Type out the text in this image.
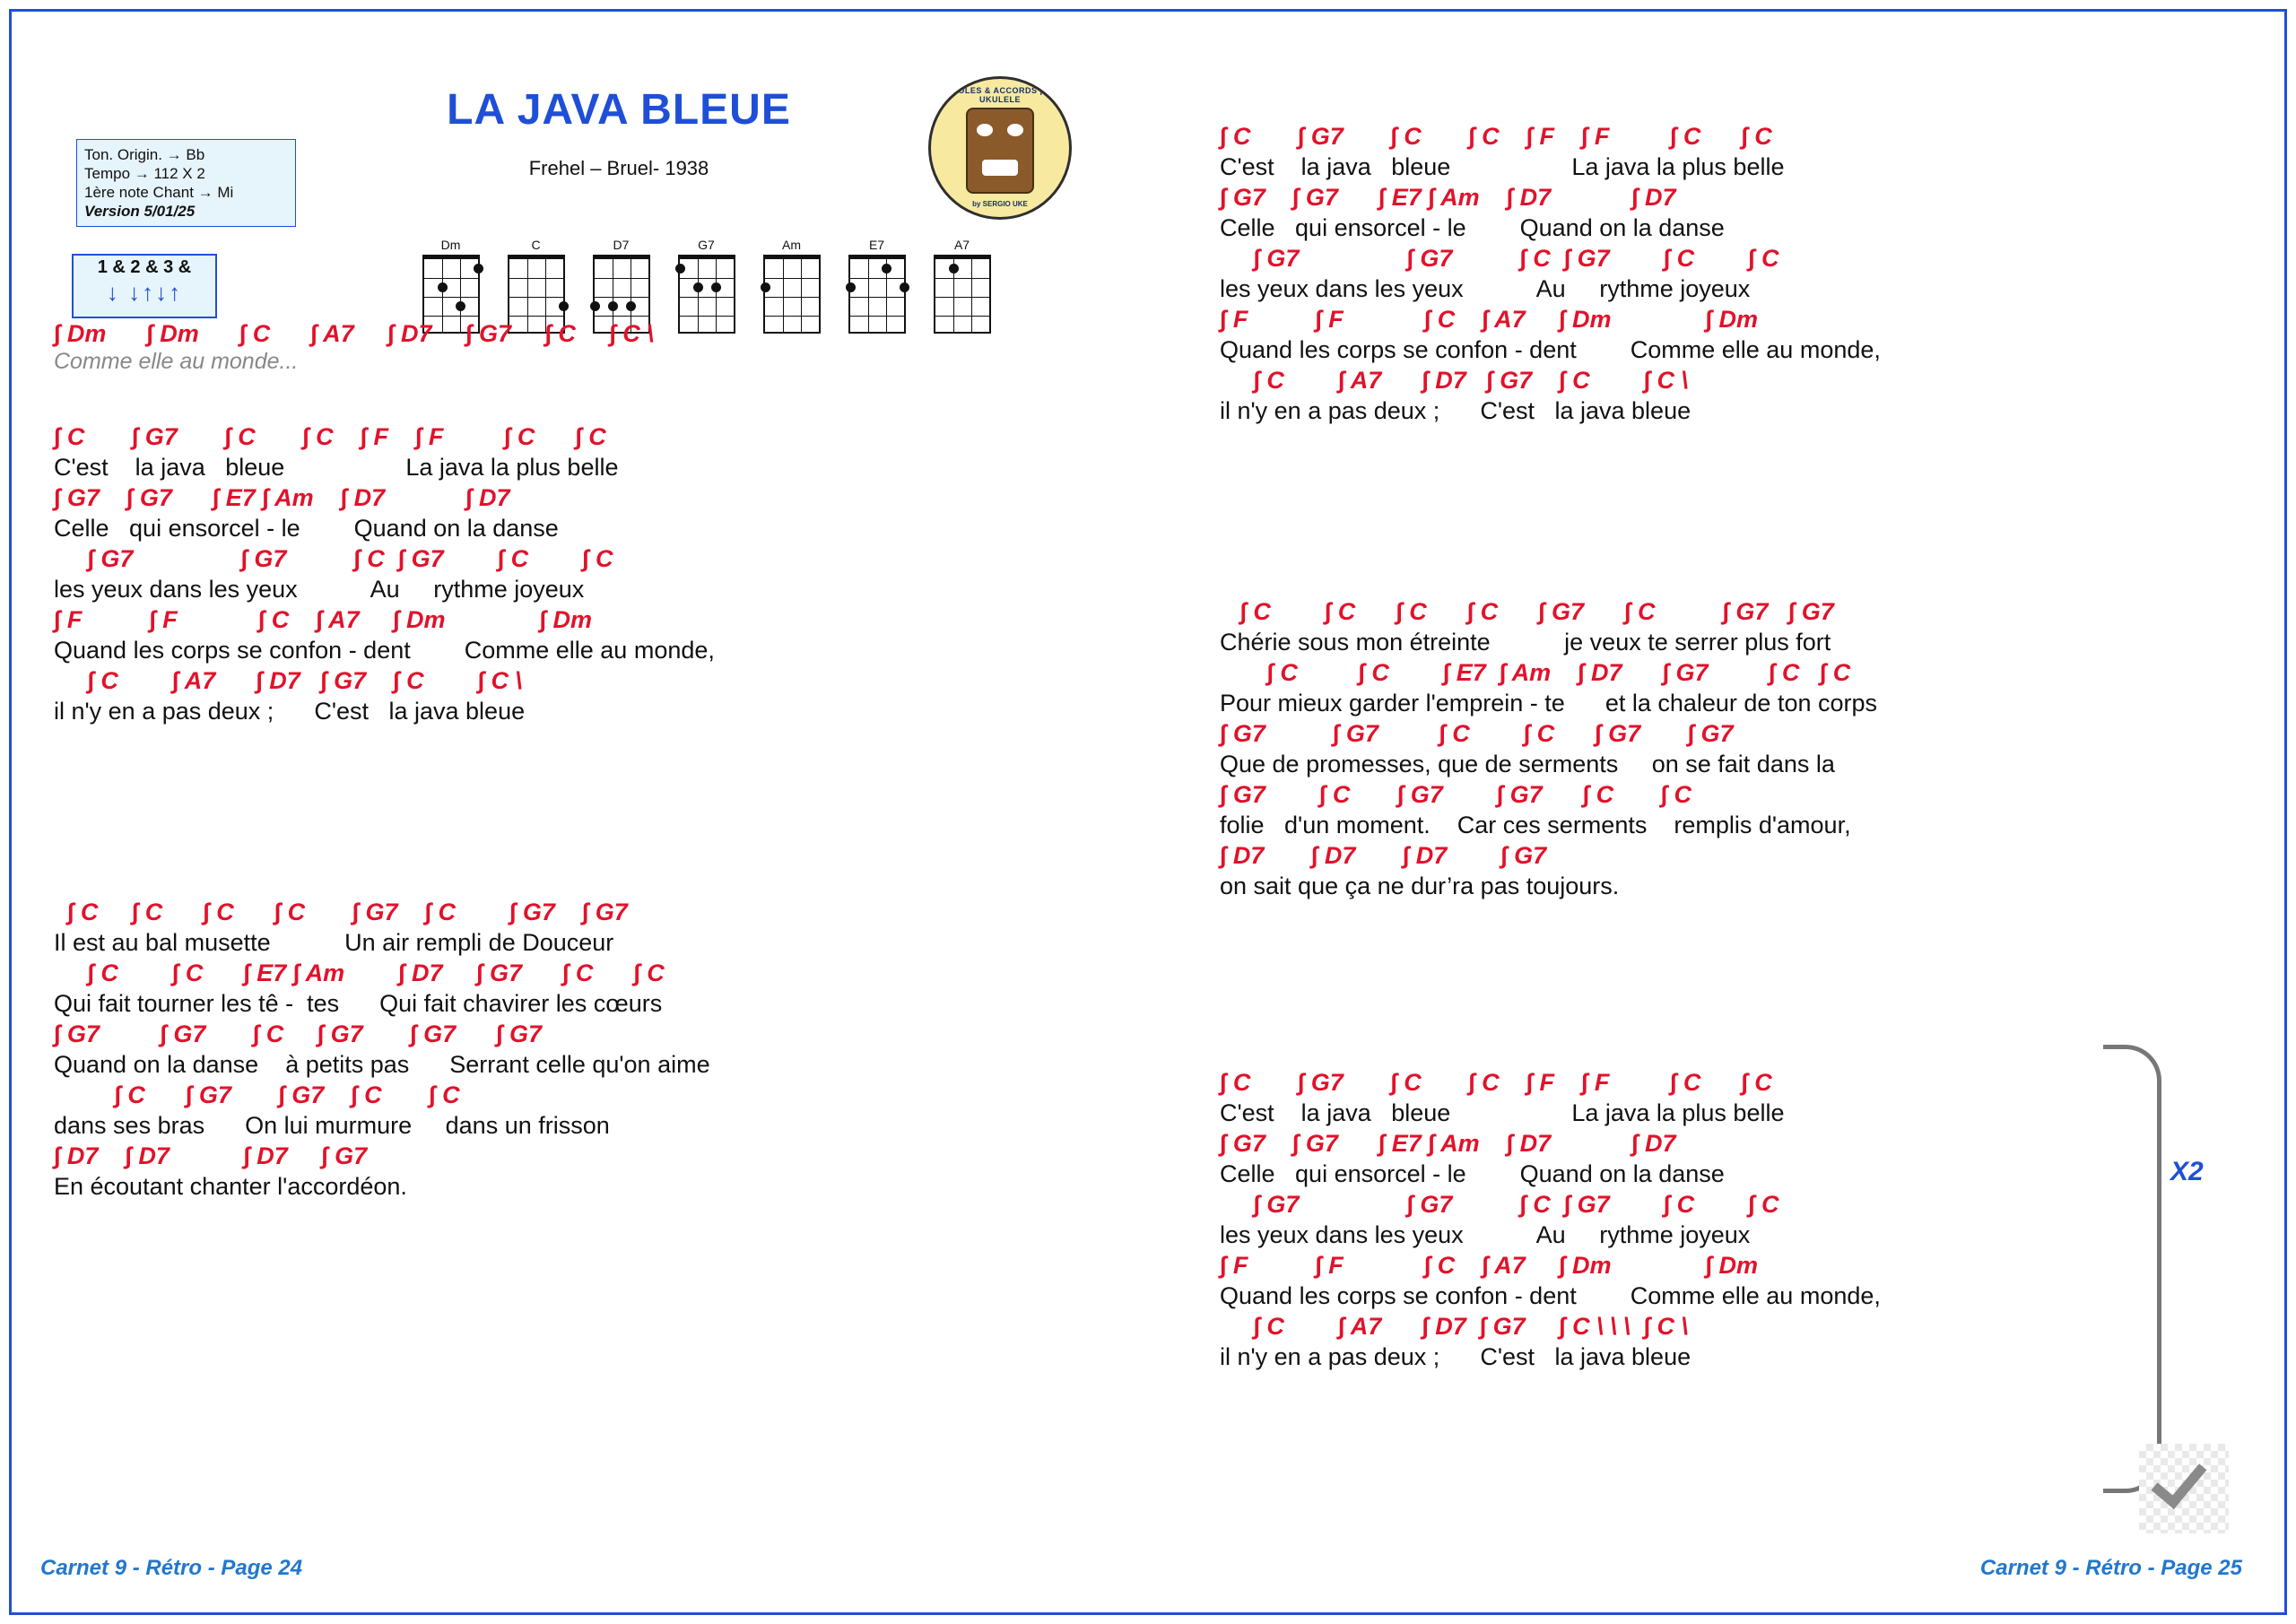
Ton. Origin. → Bb
Tempo → 112 X 2
1ère note Chant → Mi
Version 5/01/25
1 & 2 & 3 &
↓ ↓↑↓↑
LA JAVA BLEUE
Frehel – Bruel- 1938
PAROLES & ACCORDS pour UKULELE
by SERGIO UKE
Dm	C	D7	G7	Am	E7	A7
∫ Dm      ∫ Dm      ∫ C      ∫ A7     ∫ D7     ∫ G7     ∫ C     ∫ C \
Comme elle au monde...
∫ C       ∫ G7       ∫ C       ∫ C    ∫ F    ∫ F         ∫ C      ∫ C
C'est    la java   bleue                  La java la plus belle
∫ G7    ∫ G7      ∫ E7 ∫ Am    ∫ D7            ∫ D7
Celle   qui ensorcel - le        Quand on la danse
∫ G7                ∫ G7          ∫ C  ∫ G7        ∫ C        ∫ C
les yeux dans les yeux           Au     rythme joyeux
∫ F          ∫ F            ∫ C    ∫ A7     ∫ Dm              ∫ Dm
Quand les corps se confon - dent        Comme elle au monde,
∫ C        ∫ A7      ∫ D7   ∫ G7    ∫ C        ∫ C \
il n'y en a pas deux ;      C'est   la java bleue
∫ C     ∫ C      ∫ C      ∫ C       ∫ G7    ∫ C        ∫ G7    ∫ G7
Il est au bal musette           Un air rempli de Douceur
∫ C        ∫ C      ∫ E7 ∫ Am        ∫ D7     ∫ G7      ∫ C      ∫ C
Qui fait tourner les tê -  tes      Qui fait chavirer les cœurs
∫ G7         ∫ G7       ∫ C     ∫ G7       ∫ G7      ∫ G7
Quand on la danse    à petits pas      Serrant celle qu'on aime
∫ C      ∫ G7       ∫ G7    ∫ C       ∫ C
dans ses bras      On lui murmure     dans un frisson
∫ D7    ∫ D7           ∫ D7     ∫ G7
En écoutant chanter l'accordéon.
∫ C       ∫ G7       ∫ C       ∫ C    ∫ F    ∫ F         ∫ C      ∫ C
C'est    la java   bleue                  La java la plus belle
∫ G7    ∫ G7      ∫ E7 ∫ Am    ∫ D7            ∫ D7
Celle   qui ensorcel - le        Quand on la danse
∫ G7                ∫ G7          ∫ C  ∫ G7        ∫ C        ∫ C
les yeux dans les yeux           Au     rythme joyeux
∫ F          ∫ F            ∫ C    ∫ A7     ∫ Dm              ∫ Dm
Quand les corps se confon - dent        Comme elle au monde,
∫ C        ∫ A7      ∫ D7   ∫ G7    ∫ C        ∫ C \
il n'y en a pas deux ;      C'est   la java bleue
∫ C        ∫ C      ∫ C      ∫ C      ∫ G7      ∫ C          ∫ G7   ∫ G7
Chérie sous mon étreinte           je veux te serrer plus fort
∫ C         ∫ C        ∫ E7  ∫ Am    ∫ D7      ∫ G7         ∫ C   ∫ C
Pour mieux garder l'emprein - te      et la chaleur de ton corps
∫ G7          ∫ G7         ∫ C        ∫ C      ∫ G7       ∫ G7
Que de promesses, que de serments     on se fait dans la
∫ G7        ∫ C       ∫ G7        ∫ G7      ∫ C       ∫ C
folie   d'un moment.    Car ces serments    remplis d'amour,
∫ D7       ∫ D7       ∫ D7        ∫ G7
on sait que ça ne dur’ra pas toujours.
∫ C       ∫ G7       ∫ C       ∫ C    ∫ F    ∫ F         ∫ C      ∫ C
C'est    la java   bleue                  La java la plus belle
∫ G7    ∫ G7      ∫ E7 ∫ Am    ∫ D7            ∫ D7
Celle   qui ensorcel - le        Quand on la danse
∫ G7                ∫ G7          ∫ C  ∫ G7        ∫ C        ∫ C
les yeux dans les yeux           Au     rythme joyeux
∫ F          ∫ F            ∫ C    ∫ A7     ∫ Dm              ∫ Dm
Quand les corps se confon - dent        Comme elle au monde,
∫ C        ∫ A7      ∫ D7  ∫ G7     ∫ C \ \ \  ∫ C \
il n'y en a pas deux ;      C'est   la java bleue
X2
Carnet 9 - Rétro - Page 24	Carnet 9 - Rétro - Page 25
